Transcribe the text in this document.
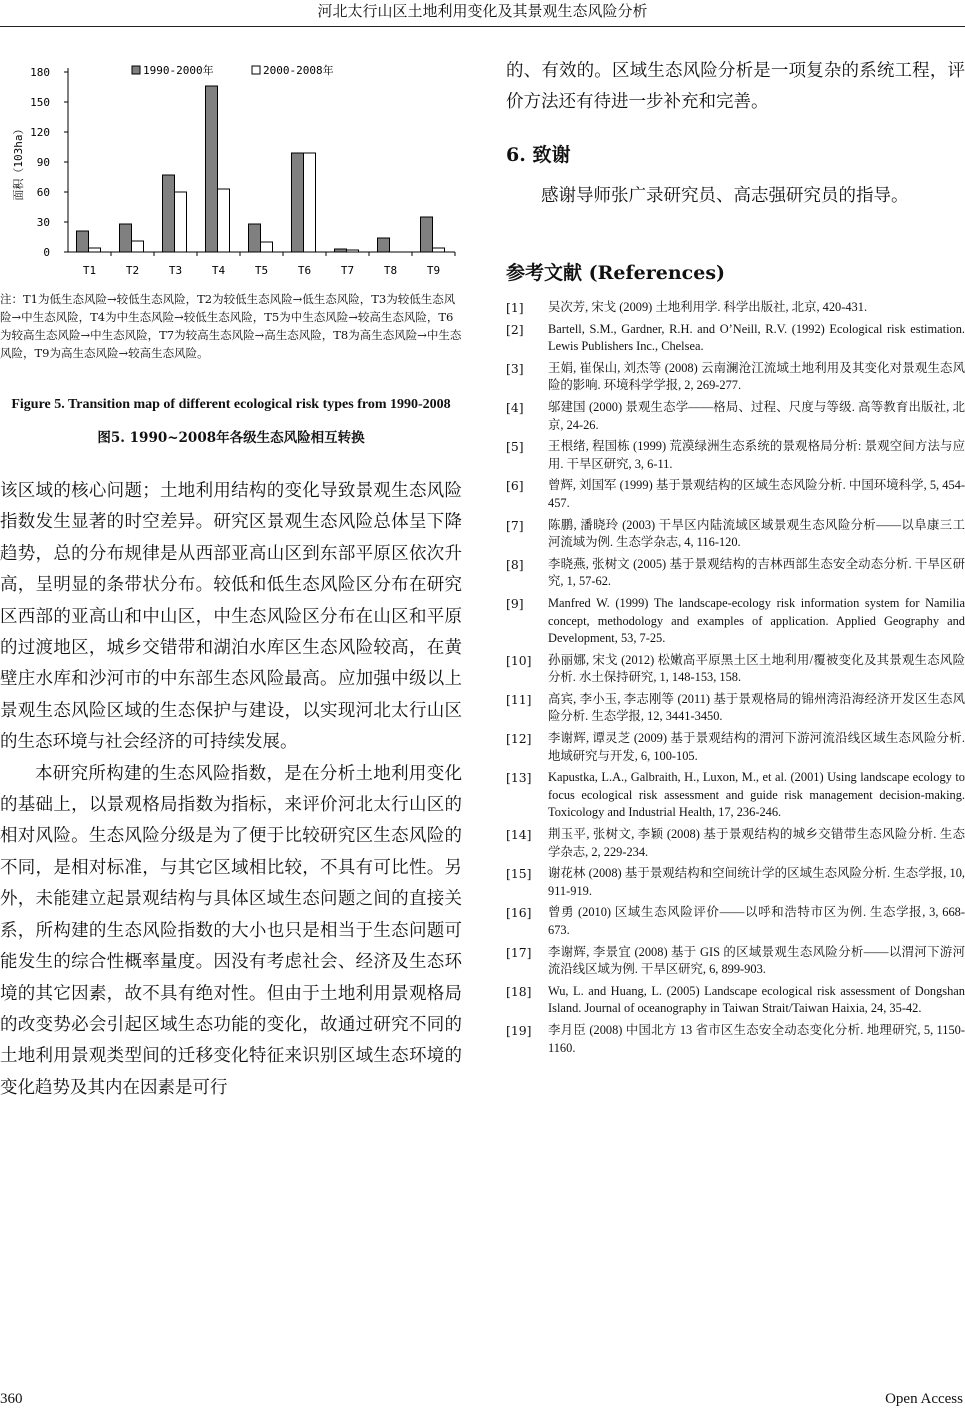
河北太行山区土地利用变化及其景观生态风险分析
1990-2000年	2000-2008年
0
30
60
90
120
150
180
面积（103ha）
T1	T2	T3	T4	T5	T6	T7	T8	T9
注：T1为低生态风险→较低生态风险，T2为较低生态风险→低生态风险，T3为较低生态风险→中生态风险，T4为中生态风险→较低生态风险，T5为中生态风险→较高生态风险，T6为较高生态风险→中生态风险，T7为较高生态风险→高生态风险，T8为高生态风险→中生态风险，T9为高生态风险→较高生态风险。
Figure 5. Transition map of different ecological risk types from 1990-2008
图5. 1990~2008年各级生态风险相互转换

该区域的核心问题；土地利用结构的变化导致景观生态风险指数发生显著的时空差异。研究区景观生态风险总体呈下降趋势，总的分布规律是从西部亚高山区到东部平原区依次升高，呈明显的条带状分布。较低和低生态风险区分布在研究区西部的亚高山和中山区，中生态风险区分布在山区和平原的过渡地区，城乡交错带和湖泊水库区生态风险较高，在黄壁庄水库和沙河市的中东部生态风险最高。应加强中级以上景观生态风险区域的生态保护与建设，以实现河北太行山区的生态环境与社会经济的可持续发展。

本研究所构建的生态风险指数，是在分析土地利用变化的基础上，以景观格局指数为指标，来评价河北太行山区的相对风险。生态风险分级是为了便于比较研究区生态风险的不同，是相对标准，与其它区域相比较，不具有可比性。另外，未能建立起景观结构与具体区域生态问题之间的直接关系，所构建的生态风险指数的大小也只是相当于生态问题可能发生的综合性概率量度。因没有考虑社会、经济及生态环境的其它因素，故不具有绝对性。但由于土地利用景观格局的改变势必会引起区域生态功能的变化，故通过研究不同的土地利用景观类型间的迁移变化特征来识别区域生态环境的变化趋势及其内在因素是可行

的、有效的。区域生态风险分析是一项复杂的系统工程，评价方法还有待进一步补充和完善。

6. 致谢

感谢导师张广录研究员、高志强研究员的指导。

参考文献 (References)
[1]	吴次芳, 宋戈 (2009) 土地利用学. 科学出版社, 北京, 420-431.
[2]	Bartell, S.M., Gardner, R.H. and O’Neill, R.V. (1992) Ecological risk estimation. Lewis Publishers Inc., Chelsea.
[3]	王娟, 崔保山, 刘杰等 (2008) 云南澜沧江流域土地利用及其变化对景观生态风险的影响. 环境科学学报, 2, 269-277.
[4]	邬建国 (2000) 景观生态学——格局、过程、尺度与等级. 高等教育出版社, 北京, 24-26.
[5]	王根绪, 程国栋 (1999) 荒漠绿洲生态系统的景观格局分析: 景观空间方法与应用. 干旱区研究, 3, 6-11.
[6]	曾辉, 刘国军 (1999) 基于景观结构的区域生态风险分析. 中国环境科学, 5, 454-457.
[7]	陈鹏, 潘晓玲 (2003) 干旱区内陆流域区域景观生态风险分析——以阜康三工河流域为例. 生态学杂志, 4, 116-120.
[8]	李晓燕, 张树文 (2005) 基于景观结构的吉林西部生态安全动态分析. 干旱区研究, 1, 57-62.
[9]	Manfred W. (1999) The landscape-ecology risk information system for Namilia concept, methodology and examples of application. Applied Geography and Development, 53, 7-25.
[10]	孙丽娜, 宋戈 (2012) 松嫩高平原黑土区土地利用/覆被变化及其景观生态风险分析. 水土保持研究, 1, 148-153, 158.
[11]	高宾, 李小玉, 李志刚等 (2011) 基于景观格局的锦州湾沿海经济开发区生态风险分析. 生态学报, 12, 3441-3450.
[12]	李谢辉, 谭灵芝 (2009) 基于景观结构的渭河下游河流沿线区域生态风险分析. 地域研究与开发, 6, 100-105.
[13]	Kapustka, L.A., Galbraith, H., Luxon, M., et al. (2001) Using landscape ecology to focus ecological risk assessment and guide risk management decision-making. Toxicology and Industrial Health, 17, 236-246.
[14]	荆玉平, 张树文, 李颖 (2008) 基于景观结构的城乡交错带生态风险分析. 生态学杂志, 2, 229-234.
[15]	谢花林 (2008) 基于景观结构和空间统计学的区域生态风险分析. 生态学报, 10, 911-919.
[16]	曾勇 (2010) 区域生态风险评价——以呼和浩特市区为例. 生态学报, 3, 668-673.
[17]	李谢辉, 李景宜 (2008) 基于 GIS 的区域景观生态风险分析——以渭河下游河流沿线区域为例. 干旱区研究, 6, 899-903.
[18]	Wu, L. and Huang, L. (2005) Landscape ecological risk assessment of Dongshan Island. Journal of oceanography in Taiwan Strait/Taiwan Haixia, 24, 35-42.
[19]	李月臣 (2008) 中国北方 13 省市区生态安全动态变化分析. 地理研究, 5, 1150-1160.
360	Open Access
